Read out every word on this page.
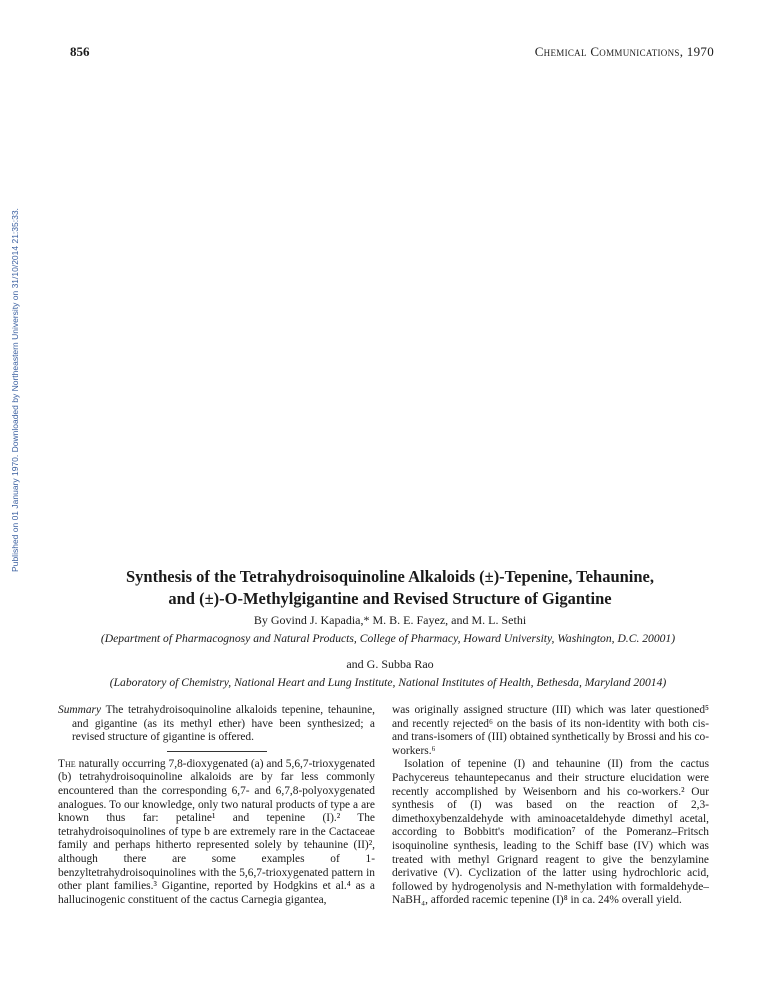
856	Chemical Communications, 1970
Published on 01 January 1970. Downloaded by Northeastern University on 31/10/2014 21:35:33.
Synthesis of the Tetrahydroisoquinoline Alkaloids (±)-Tepenine, Tehaunine,
and (±)-O-Methylgigantine and Revised Structure of Gigantine
By Govind J. Kapadia,* M. B. E. Fayez, and M. L. Sethi
(Department of Pharmacognosy and Natural Products, College of Pharmacy, Howard University, Washington, D.C. 20001)
and G. Subba Rao
(Laboratory of Chemistry, National Heart and Lung Institute, National Institutes of Health, Bethesda, Maryland 20014)

Summary The tetrahydroisoquinoline alkaloids tepenine, tehaunine, and gigantine (as its methyl ether) have been synthesized; a revised structure of gigantine is offered.

The naturally occurring 7,8-dioxygenated (a) and 5,6,7-trioxygenated (b) tetrahydroisoquinoline alkaloids are by far less commonly encountered than the corresponding 6,7- and 6,7,8-polyoxygenated analogues. To our knowledge, only two natural products of type a are known thus far: petaline¹ and tepenine (I).² The tetrahydroisoquinolines of type b are extremely rare in the Cactaceae family and perhaps hitherto represented solely by tehaunine (II)², although there are some examples of 1-benzyltetrahydroisoquinolines with the 5,6,7-trioxygenated pattern in other plant families.³ Gigantine, reported by Hodgkins et al.⁴ as a hallucinogenic constituent of the cactus Carnegia gigantea,

was originally assigned structure (III) which was later questioned⁵ and recently rejected⁶ on the basis of its non-identity with both cis- and trans-isomers of (III) obtained synthetically by Brossi and his co-workers.⁶

Isolation of tepenine (I) and tehaunine (II) from the cactus Pachycereus tehauntepecanus and their structure elucidation were recently accomplished by Weisenborn and his co-workers.² Our synthesis of (I) was based on the reaction of 2,3-dimethoxybenzaldehyde with aminoacetaldehyde dimethyl acetal, according to Bobbitt's modification⁷ of the Pomeranz–Fritsch isoquinoline synthesis, leading to the Schiff base (IV) which was treated with methyl Grignard reagent to give the benzylamine derivative (V). Cyclization of the latter using hydrochloric acid, followed by hydrogenolysis and N-methylation with formaldehyde–NaBH₄, afforded racemic tepenine (I)⁸ in ca. 24% overall yield.
